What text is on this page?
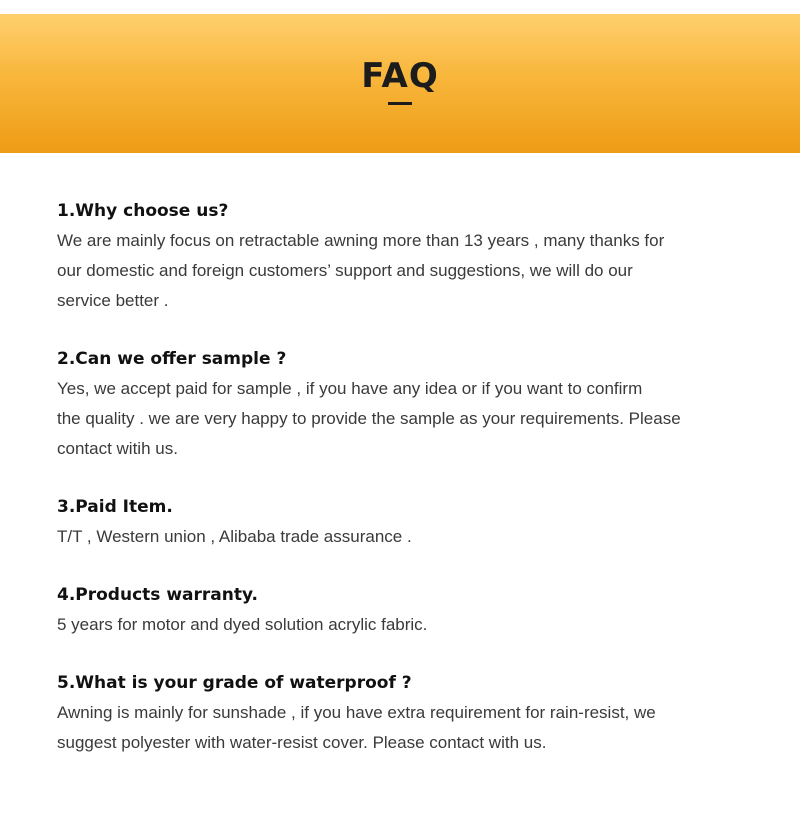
FAQ
1.Why choose us?
We are mainly focus on retractable awning more than 13 years , many thanks for
our domestic and foreign customers’ support and suggestions, we will do our
service better .
2.Can we offer sample ?
Yes, we accept paid for sample , if you have any idea or if you want to confirm
the quality . we are very happy to provide the sample as your requirements. Please
contact witih us.
3.Paid Item.
T/T , Western union , Alibaba trade assurance .
4.Products warranty.
5 years for motor and dyed solution acrylic fabric.
5.What is your grade of waterproof ?
Awning is mainly for sunshade , if you have extra requirement for rain-resist, we
suggest polyester with water-resist cover. Please contact with us.
